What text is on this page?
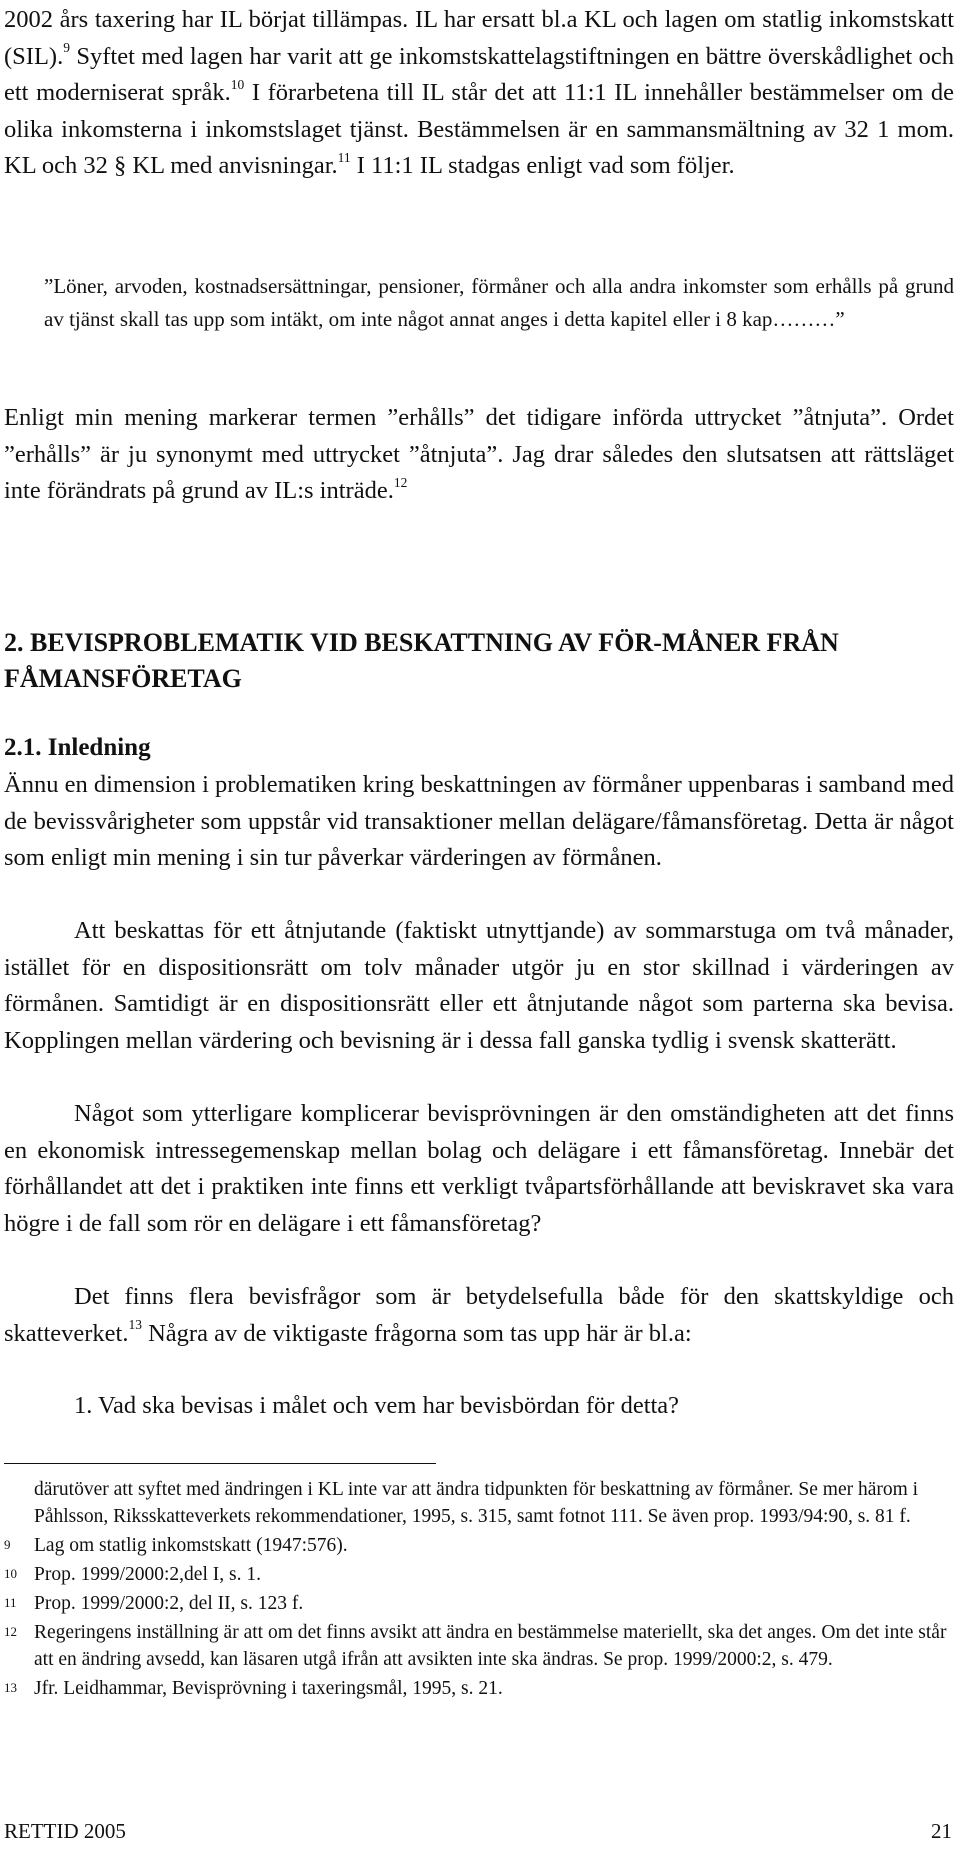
2002 års taxering har IL börjat tillämpas. IL har ersatt bl.a KL och lagen om statlig inkomstskatt (SIL).$^9$ Syftet med lagen har varit att ge inkomstskattelagstiftningen en bättre överskådlighet och ett moderniserat språk.$^{10}$ I förarbetena till IL står det att 11:1 IL innehåller bestämmelser om de olika inkomsterna i inkomstslaget tjänst. Bestämmelsen är en sammansmältning av 32 1 mom. KL och 32 § KL med anvisningar.$^{11}$ I 11:1 IL stadgas enligt vad som följer.

”Löner, arvoden, kostnadsersättningar, pensioner, förmåner och alla andra inkomster som erhålls på grund av tjänst skall tas upp som intäkt, om inte något annat anges i detta kapitel eller i 8 kap………”

Enligt min mening markerar termen ”erhålls” det tidigare införda uttrycket ”åtnjuta”. Ordet ”erhålls” är ju synonymt med uttrycket ”åtnjuta”. Jag drar således den slutsatsen att rättsläget inte förändrats på grund av IL:s inträde.$^{12}$

2. BEVISPROBLEMATIK VID BESKATTNING AV FÖR-MÅNER FRÅN FÅMANSFÖRETAG
2.1. Inledning

Ännu en dimension i problematiken kring beskattningen av förmåner uppenbaras i samband med de bevissvårigheter som uppstår vid transaktioner mellan delägare/fåmansföretag. Detta är något som enligt min mening i sin tur påverkar värderingen av förmånen.

Att beskattas för ett åtnjutande (faktiskt utnyttjande) av sommarstuga om två månader, istället för en dispositionsrätt om tolv månader utgör ju en stor skillnad i värderingen av förmånen. Samtidigt är en dispositionsrätt eller ett åtnjutande något som parterna ska bevisa. Kopplingen mellan värdering och bevisning är i dessa fall ganska tydlig i svensk skatterätt.

Något som ytterligare komplicerar bevisprövningen är den omständigheten att det finns en ekonomisk intressegemenskap mellan bolag och delägare i ett fåmansföretag. Innebär det förhållandet att det i praktiken inte finns ett verkligt tvåpartsförhållande att beviskravet ska vara högre i de fall som rör en delägare i ett fåmansföretag?

Det finns flera bevisfrågor som är betydelsefulla både för den skattskyldige och skatteverket.$^{13}$ Några av de viktigaste frågorna som tas upp här är bl.a:

1. Vad ska bevisas i målet och vem har bevisbördan för detta?

därutöver att syftet med ändringen i KL inte var att ändra tidpunkten för beskattning av förmåner. Se mer härom i Påhlsson, Riksskatteverkets rekommendationer, 1995, s. 315, samt fotnot 111. Se även prop. 1993/94:90, s. 81 f.
9	Lag om statlig inkomstskatt (1947:576).
10 Prop. 1999/2000:2,del I, s. 1.
11 Prop. 1999/2000:2, del II, s. 123 f.
12 Regeringens inställning är att om det finns avsikt att ändra en bestämmelse materiellt, ska det anges. Om det inte står att en ändring avsedd, kan läsaren utgå ifrån att avsikten inte ska ändras. Se prop. 1999/2000:2, s. 479.
13 Jfr. Leidhammar, Bevisprövning i taxeringsmål, 1995, s. 21.
RETTID 2005	21
